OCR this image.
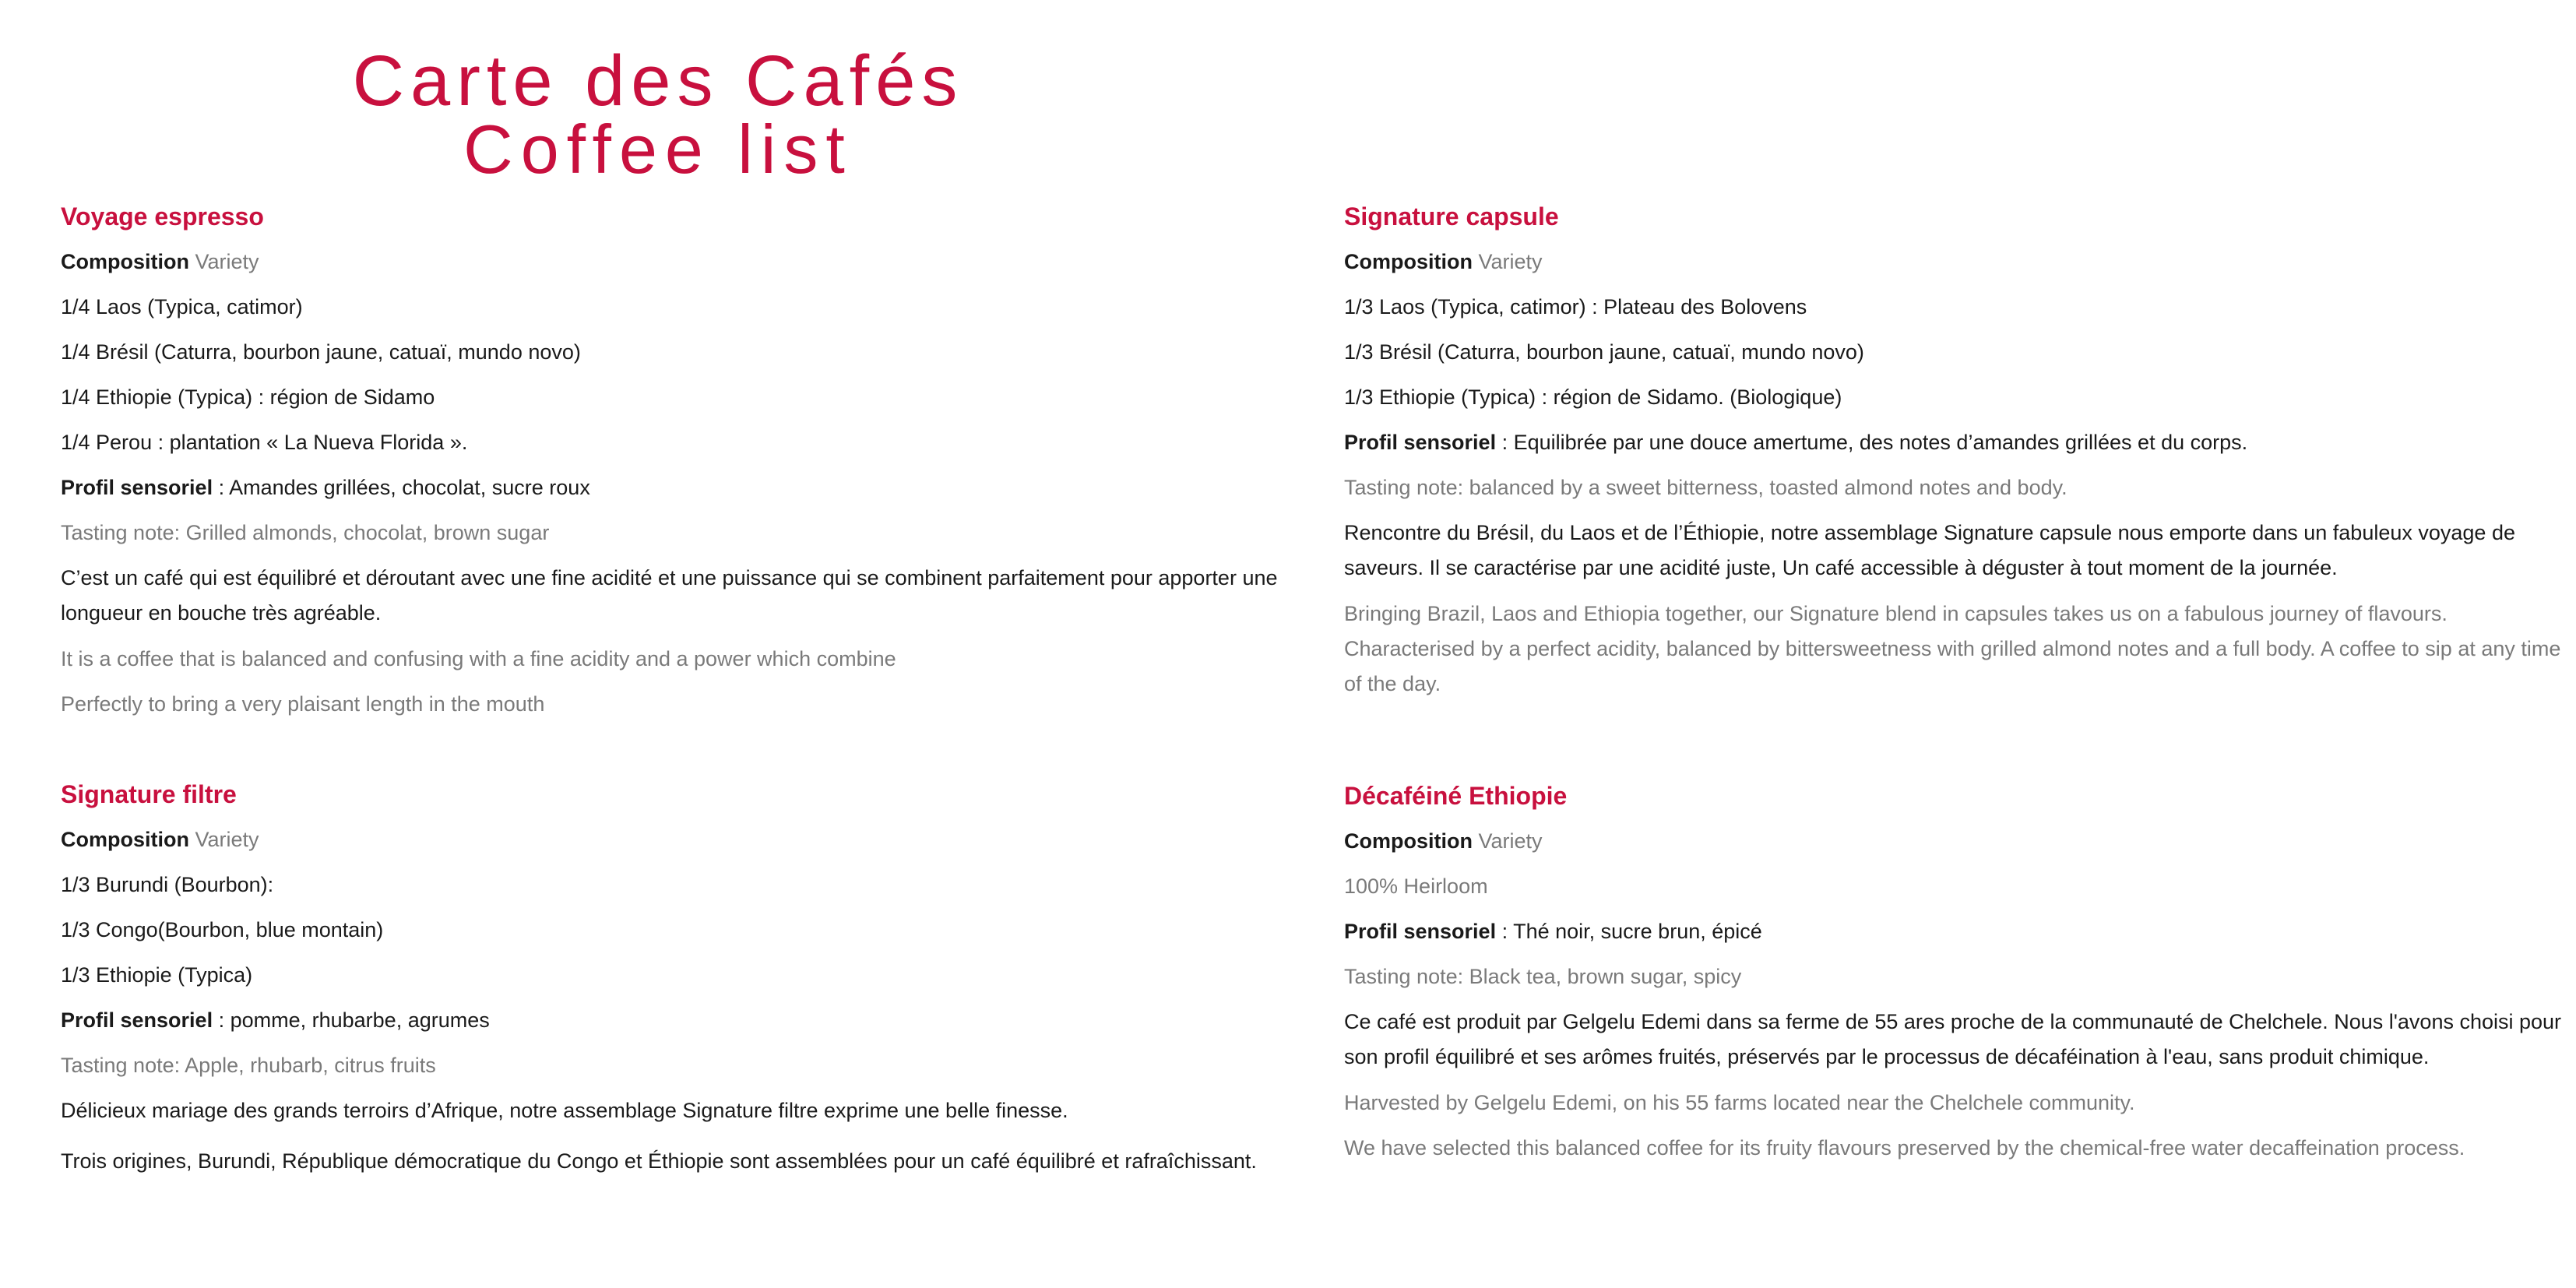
Carte des Cafés
Coffee list
Voyage espresso
Composition Variety
1/4 Laos (Typica, catimor)
1/4 Brésil (Caturra, bourbon jaune, catuaï, mundo novo)
1/4 Ethiopie (Typica) : région de Sidamo
1/4 Perou : plantation « La Nueva Florida ».
Profil sensoriel : Amandes grillées, chocolat, sucre roux
Tasting note: Grilled almonds, chocolat, brown sugar
C’est un café qui est équilibré et déroutant avec une fine acidité et une puissance qui se combinent parfaitement pour apporter une longueur en bouche très agréable.
It is a coffee that is balanced and confusing with a fine acidity and a power which combine
Perfectly to bring a very plaisant length in the mouth
Signature capsule
Composition Variety
1/3 Laos (Typica, catimor) : Plateau des Bolovens
1/3 Brésil (Caturra, bourbon jaune, catuaï, mundo novo)
1/3 Ethiopie (Typica) : région de Sidamo. (Biologique)
Profil sensoriel : Equilibrée par une douce amertume, des notes d’amandes grillées et du corps.
Tasting note: balanced by a sweet bitterness, toasted almond notes and body.
Rencontre du Brésil, du Laos et de l’Éthiopie, notre assemblage Signature capsule nous emporte dans un fabuleux voyage de saveurs. Il se caractérise par une acidité juste, Un café accessible à déguster à tout moment de la journée.
Bringing Brazil, Laos and Ethiopia together, our Signature blend in capsules takes us on a fabulous journey of flavours. Characterised by a perfect acidity, balanced by bittersweetness with grilled almond notes and a full body. A coffee to sip at any time of the day.
Signature filtre
Composition Variety
1/3 Burundi (Bourbon):
1/3 Congo(Bourbon, blue montain)
1/3 Ethiopie (Typica)
Profil sensoriel : pomme, rhubarbe, agrumes
Tasting note: Apple, rhubarb, citrus fruits
Délicieux mariage des grands terroirs d’Afrique, notre assemblage Signature filtre exprime une belle finesse.
Trois origines, Burundi, République démocratique du Congo et Éthiopie sont assemblées pour un café équilibré et rafraîchissant.
Décaféiné Ethiopie
Composition Variety
100% Heirloom
Profil sensoriel : Thé noir, sucre brun, épicé
Tasting note: Black tea, brown sugar, spicy
Ce café est produit par Gelgelu Edemi dans sa ferme de 55 ares proche de la communauté de Chelchele. Nous l'avons choisi pour son profil équilibré et ses arômes fruités, préservés par le processus de décaféination à l'eau, sans produit chimique.
Harvested by Gelgelu Edemi, on his 55 farms located near the Chelchele community.
We have selected this balanced coffee for its fruity flavours preserved by the chemical-free water decaffeination process.
